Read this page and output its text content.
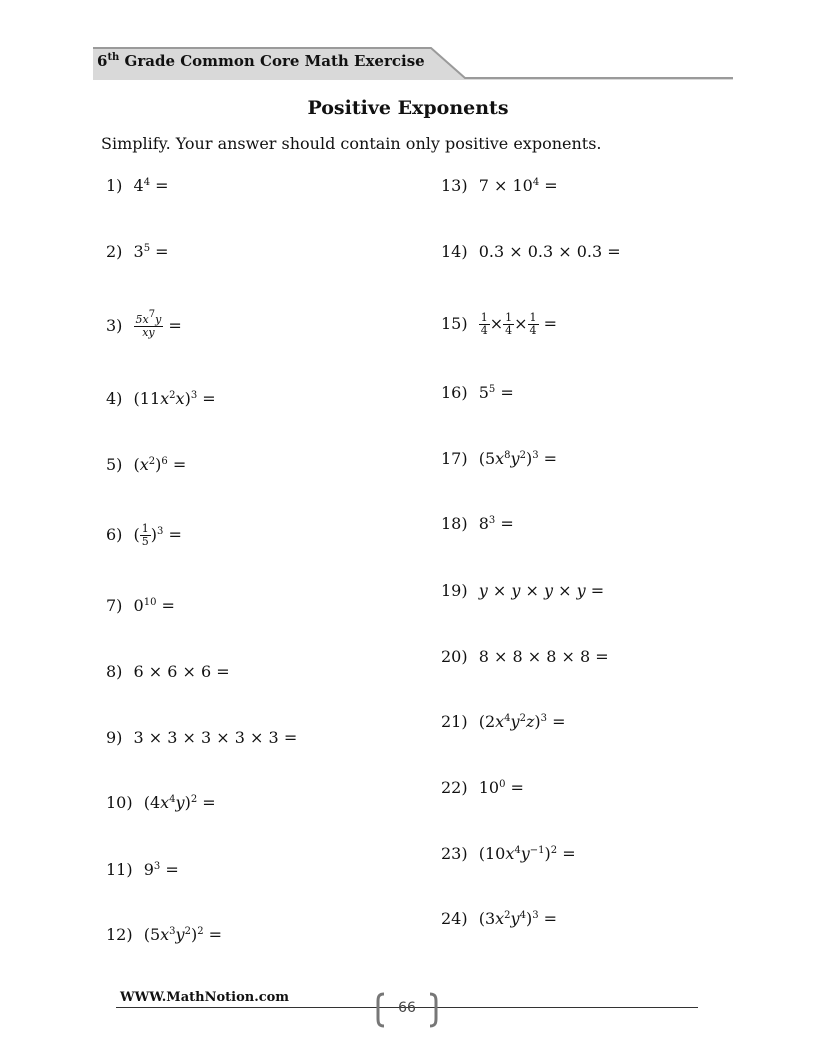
6th Grade Common Core Math Exercise
Positive Exponents
Simplify. Your answer should contain only positive exponents.
1) $4^4$ =
2) $3^5$ =
$3) \frac{5x^7y}{xy}$ =
4) $(11x^2x)^3$ =
5) $(x^2)^6$ =
6) ( $\frac{1}{5} )^3$ =
7) $0^{10}$ =
8) 6 × 6 × 6 =
9) 3 × 3 × 3 × 3 × 3 =
10) $(4x^4y)^2$ =
11) $9^3$ =
12) $(5x^3y^2)^2$ =
13) $7 \times 10^4$ =
14) 0.3 × 0.3 × 0.3 =
$15) \frac{1}{4} \times \frac{1}{4} \times \frac{1}{4}$ =
16) $5^5$ =
17) $(5x^8y^2)^3$ =
18) $8^3$ =
19) y × y × y × y =
20) 8 × 8 × 8 × 8 =
21) $(2x^4y^2z)^3$ =
22) $10^0$ =
23) $(10x^4y^{-1})^2$ =
24) $(3x^2y^4)^3$ =
WWW.MathNotion.com
66
